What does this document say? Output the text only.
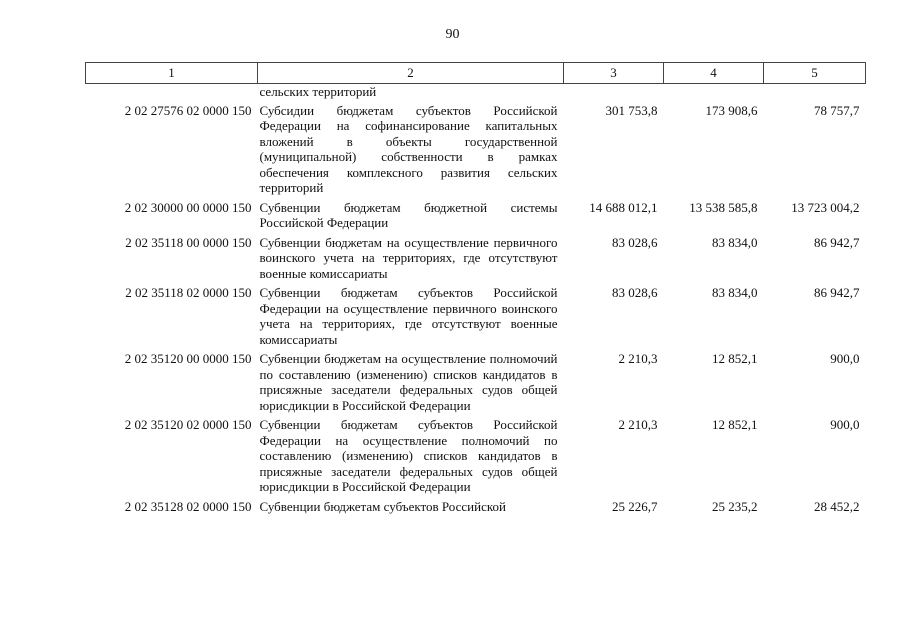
90
1	2	3	4	5
	сельских территорий			
2 02 27576 02 0000 150	Субсидии бюджетам субъектов Российской Федерации на софинансирование капитальных вложений в объекты государственной (муниципальной) собственности в рамках обеспечения комплексного развития сельских территорий	301 753,8	173 908,6	78 757,7
2 02 30000 00 0000 150	Субвенции бюджетам бюджетной системы Российской Федерации	14 688 012,1	13 538 585,8	13 723 004,2
2 02 35118 00 0000 150	Субвенции бюджетам на осуществление первичного воинского учета на территориях, где отсутствуют военные комиссариаты	83 028,6	83 834,0	86 942,7
2 02 35118 02 0000 150	Субвенции бюджетам субъектов Российской Федерации на осуществление первичного воинского учета на территориях, где отсутствуют военные комиссариаты	83 028,6	83 834,0	86 942,7
2 02 35120 00 0000 150	Субвенции бюджетам на осуществление полномочий по составлению (изменению) списков кандидатов в присяжные заседатели федеральных судов общей юрисдикции в Российской Федерации	2 210,3	12 852,1	900,0
2 02 35120 02 0000 150	Субвенции бюджетам субъектов Российской Федерации на осуществление полномочий по составлению (изменению) списков кандидатов в присяжные заседатели федеральных судов общей юрисдикции в Российской Федерации	2 210,3	12 852,1	900,0
2 02 35128 02 0000 150	Субвенции бюджетам субъектов Российской	25 226,7	25 235,2	28 452,2
